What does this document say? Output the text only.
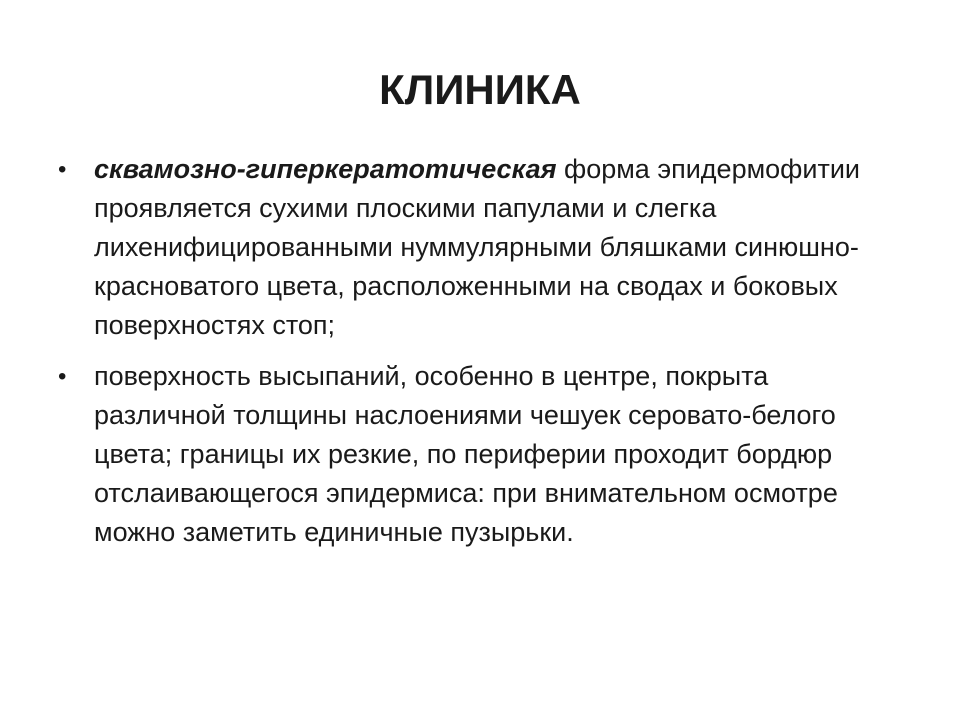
КЛИНИКА
• сквамозно-гиперкератотическая форма эпидермофитии проявляется сухими плоскими папулами и слегка лихенифицированными нуммулярными бляшками синюшно-красноватого цвета, расположенными на сводах и боковых поверхностях стоп;
• поверхность высыпаний, особенно в центре, покрыта различной толщины наслоениями чешуек серовато-белого цвета; границы их резкие, по периферии проходит бордюр отслаивающегося эпидермиса: при внимательном осмотре можно заметить единичные пузырьки.
